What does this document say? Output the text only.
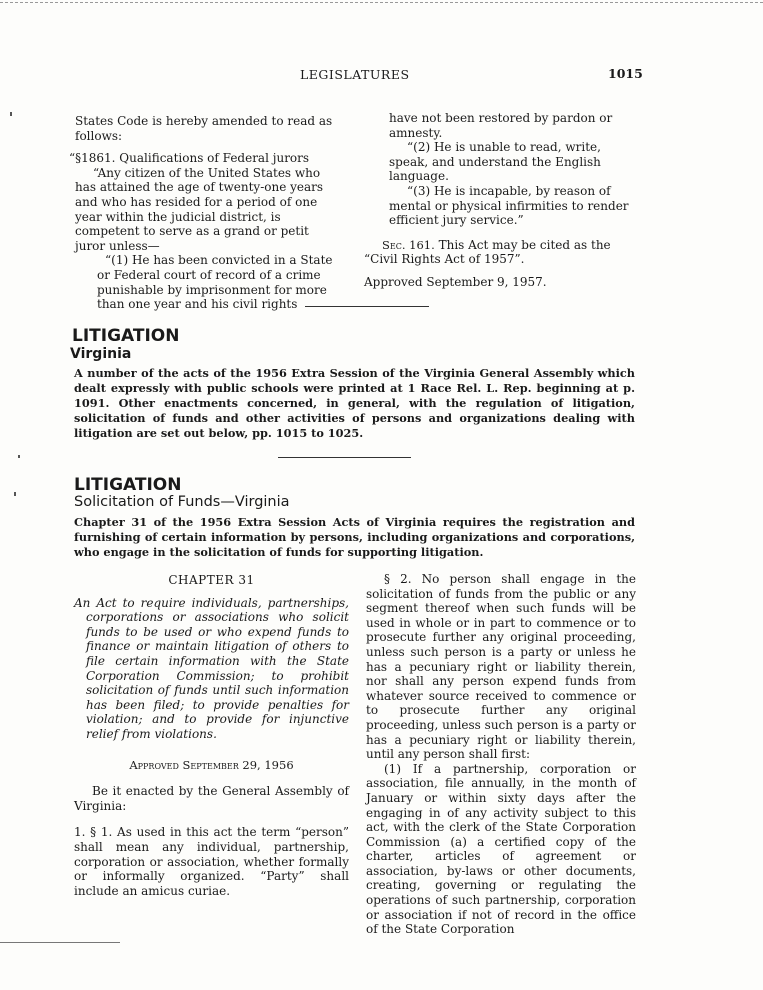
LEGISLATURES	1015

States Code is hereby amended to read as follows:

“§1861. Qualifications of Federal jurors

“Any citizen of the United States who has attained the age of twenty-one years and who has resided for a period of one year within the judicial district, is competent to serve as a grand or petit juror unless—

“(1) He has been convicted in a State or Federal court of record of a crime punishable by imprisonment for more than one year and his civil rights

have not been restored by pardon or amnesty.

“(2) He is unable to read, write, speak, and understand the English language.

“(3) He is incapable, by reason of mental or physical infirmities to render efficient jury service.”

Sec. 161. This Act may be cited as the “Civil Rights Act of 1957”.

Approved September 9, 1957.

LITIGATION
Virginia
A number of the acts of the 1956 Extra Session of the Virginia General Assembly which dealt expressly with public schools were printed at 1 Race Rel. L. Rep. beginning at p. 1091. Other enactments concerned, in general, with the regulation of litigation, solicitation of funds and other activities of persons and organizations dealing with litigation are set out below, pp. 1015 to 1025.
LITIGATION
Solicitation of Funds—Virginia
Chapter 31 of the 1956 Extra Session Acts of Virginia requires the registration and furnishing of certain information by persons, including organizations and corporations, who engage in the solicitation of funds for supporting litigation.

CHAPTER 31

An Act to require individuals, partnerships, corporations or associations who solicit funds to be used or who expend funds to finance or maintain litigation of others to file certain information with the State Corporation Commission; to prohibit solicitation of funds until such information has been filed; to provide penalties for violation; and to provide for injunctive relief from violations.

Approved September 29, 1956

Be it enacted by the General Assembly of Virginia:

1. § 1. As used in this act the term “person” shall mean any individual, partnership, corporation or association, whether formally or informally organized. “Party” shall include an amicus curiae.

§ 2. No person shall engage in the solicitation of funds from the public or any segment thereof when such funds will be used in whole or in part to commence or to prosecute further any original proceeding, unless such person is a party or unless he has a pecuniary right or liability therein, nor shall any person expend funds from whatever source received to commence or to prosecute further any original proceeding, unless such person is a party or has a pecuniary right or liability therein, until any person shall first:

(1) If a partnership, corporation or association, file annually, in the month of January or within sixty days after the engaging in of any activity subject to this act, with the clerk of the State Corporation Commission (a) a certified copy of the charter, articles of agreement or association, by-laws or other documents, creating, governing or regulating the operations of such partnership, corporation or association if not of record in the office of the State Corporation
